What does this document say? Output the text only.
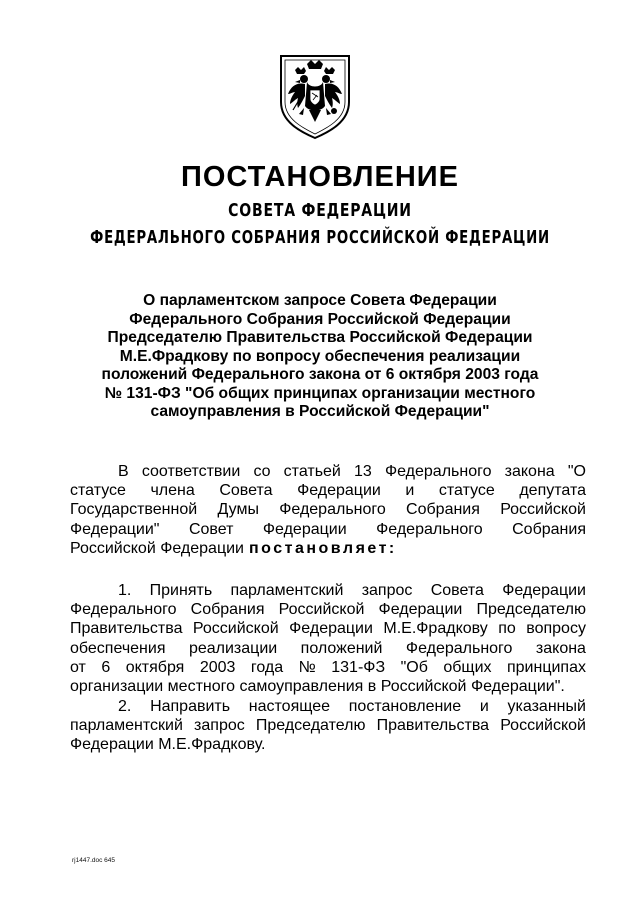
ПОСТАНОВЛЕНИЕ
СОВЕТА ФЕДЕРАЦИИ
ФЕДЕРАЛЬНОГО СОБРАНИЯ РОССИЙСКОЙ ФЕДЕРАЦИИ
О парламентском запросе Совета Федерации
Федерального Собрания Российской Федерации
Председателю Правительства Российской Федерации
М.Е.Фрадкову по вопросу обеспечения реализации
положений Федерального закона от 6 октября 2003 года
№ 131-ФЗ "Об общих принципах организации местного
самоуправления в Российской Федерации"
В соответствии со статьей 13 Федерального закона "О
статусе члена Совета Федерации и статусе депутата
Государственной Думы Федерального Собрания Российской
Федерации" Совет Федерации Федерального Собрания
Российской Федерации постановляет:
1. Принять парламентский запрос Совета Федерации
Федерального Собрания Российской Федерации Председателю
Правительства Российской Федерации М.Е.Фрадкову по вопросу
обеспечения реализации положений Федерального закона
от 6 октября 2003 года № 131-ФЗ "Об общих принципах
организации местного самоуправления в Российской Федерации".
2. Направить настоящее постановление и указанный
парламентский запрос Председателю Правительства Российской
Федерации М.Е.Фрадкову.
rj1447.doc 645
